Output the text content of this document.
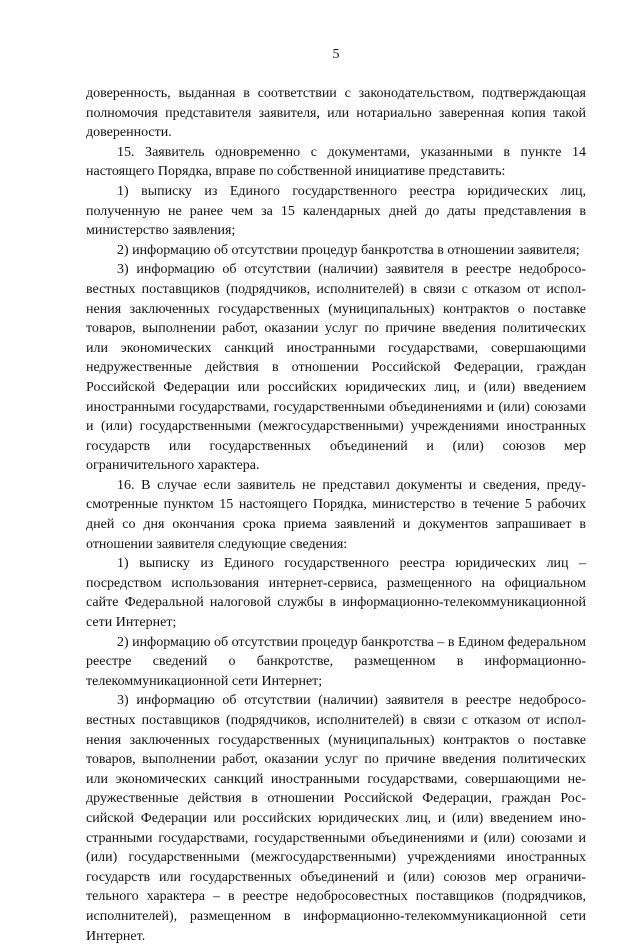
5

доверенность, выданная в соответствии с законодательством, подтверждающая полномочия представителя заявителя, или нотариально заверенная копия такой доверенности.

15. Заявитель одновременно с документами, указанными в пункте 14 настоящего Порядка, вправе по собственной инициативе представить:

1) выписку из Единого государственного реестра юридических лиц, полученную не ранее чем за 15 календарных дней до даты представления в министерство заявления;

2) информацию об отсутствии процедур банкротства в отношении заявителя;

3) информацию об отсутствии (наличии) заявителя в реестре недобросовестных поставщиков (подрядчиков, исполнителей) в связи с отказом от исполнения заключенных государственных (муниципальных) контрактов о поставке товаров, выполнении работ, оказании услуг по причине введения политических или экономических санкций иностранными государствами, совершающими недружественные действия в отношении Российской Федерации, граждан Российской Федерации или российских юридических лиц, и (или) введением иностранными государствами, государственными объединениями и (или) союзами и (или) государственными (межгосударственными) учреждениями иностранных государств или государственных объединений и (или) союзов мер ограничительного характера.

16. В случае если заявитель не представил документы и сведения, предусмотренные пунктом 15 настоящего Порядка, министерство в течение 5 рабочих дней со дня окончания срока приема заявлений и документов запрашивает в отношении заявителя следующие сведения:

1) выписку из Единого государственного реестра юридических лиц – посредством использования интернет-сервиса, размещенного на официальном сайте Федеральной налоговой службы в информационно-телекоммуникационной сети Интернет;

2) информацию об отсутствии процедур банкротства – в Едином федеральном реестре сведений о банкротстве, размещенном в информационно-телекоммуникационной сети Интернет;

3) информацию об отсутствии (наличии) заявителя в реестре недобросовестных поставщиков (подрядчиков, исполнителей) в связи с отказом от исполнения заключенных государственных (муниципальных) контрактов о поставке товаров, выполнении работ, оказании услуг по причине введения политических или экономических санкций иностранными государствами, совершающими недружественные действия в отношении Российской Федерации, граждан Российской Федерации или российских юридических лиц, и (или) введением иностранными государствами, государственными объединениями и (или) союзами и (или) государственными (межгосударственными) учреждениями иностранных государств или государственных объединений и (или) союзов мер ограничительного характера – в реестре недобросовестных поставщиков (подрядчиков, исполнителей), размещенном в информационно-телекоммуникационной сети Интернет.
